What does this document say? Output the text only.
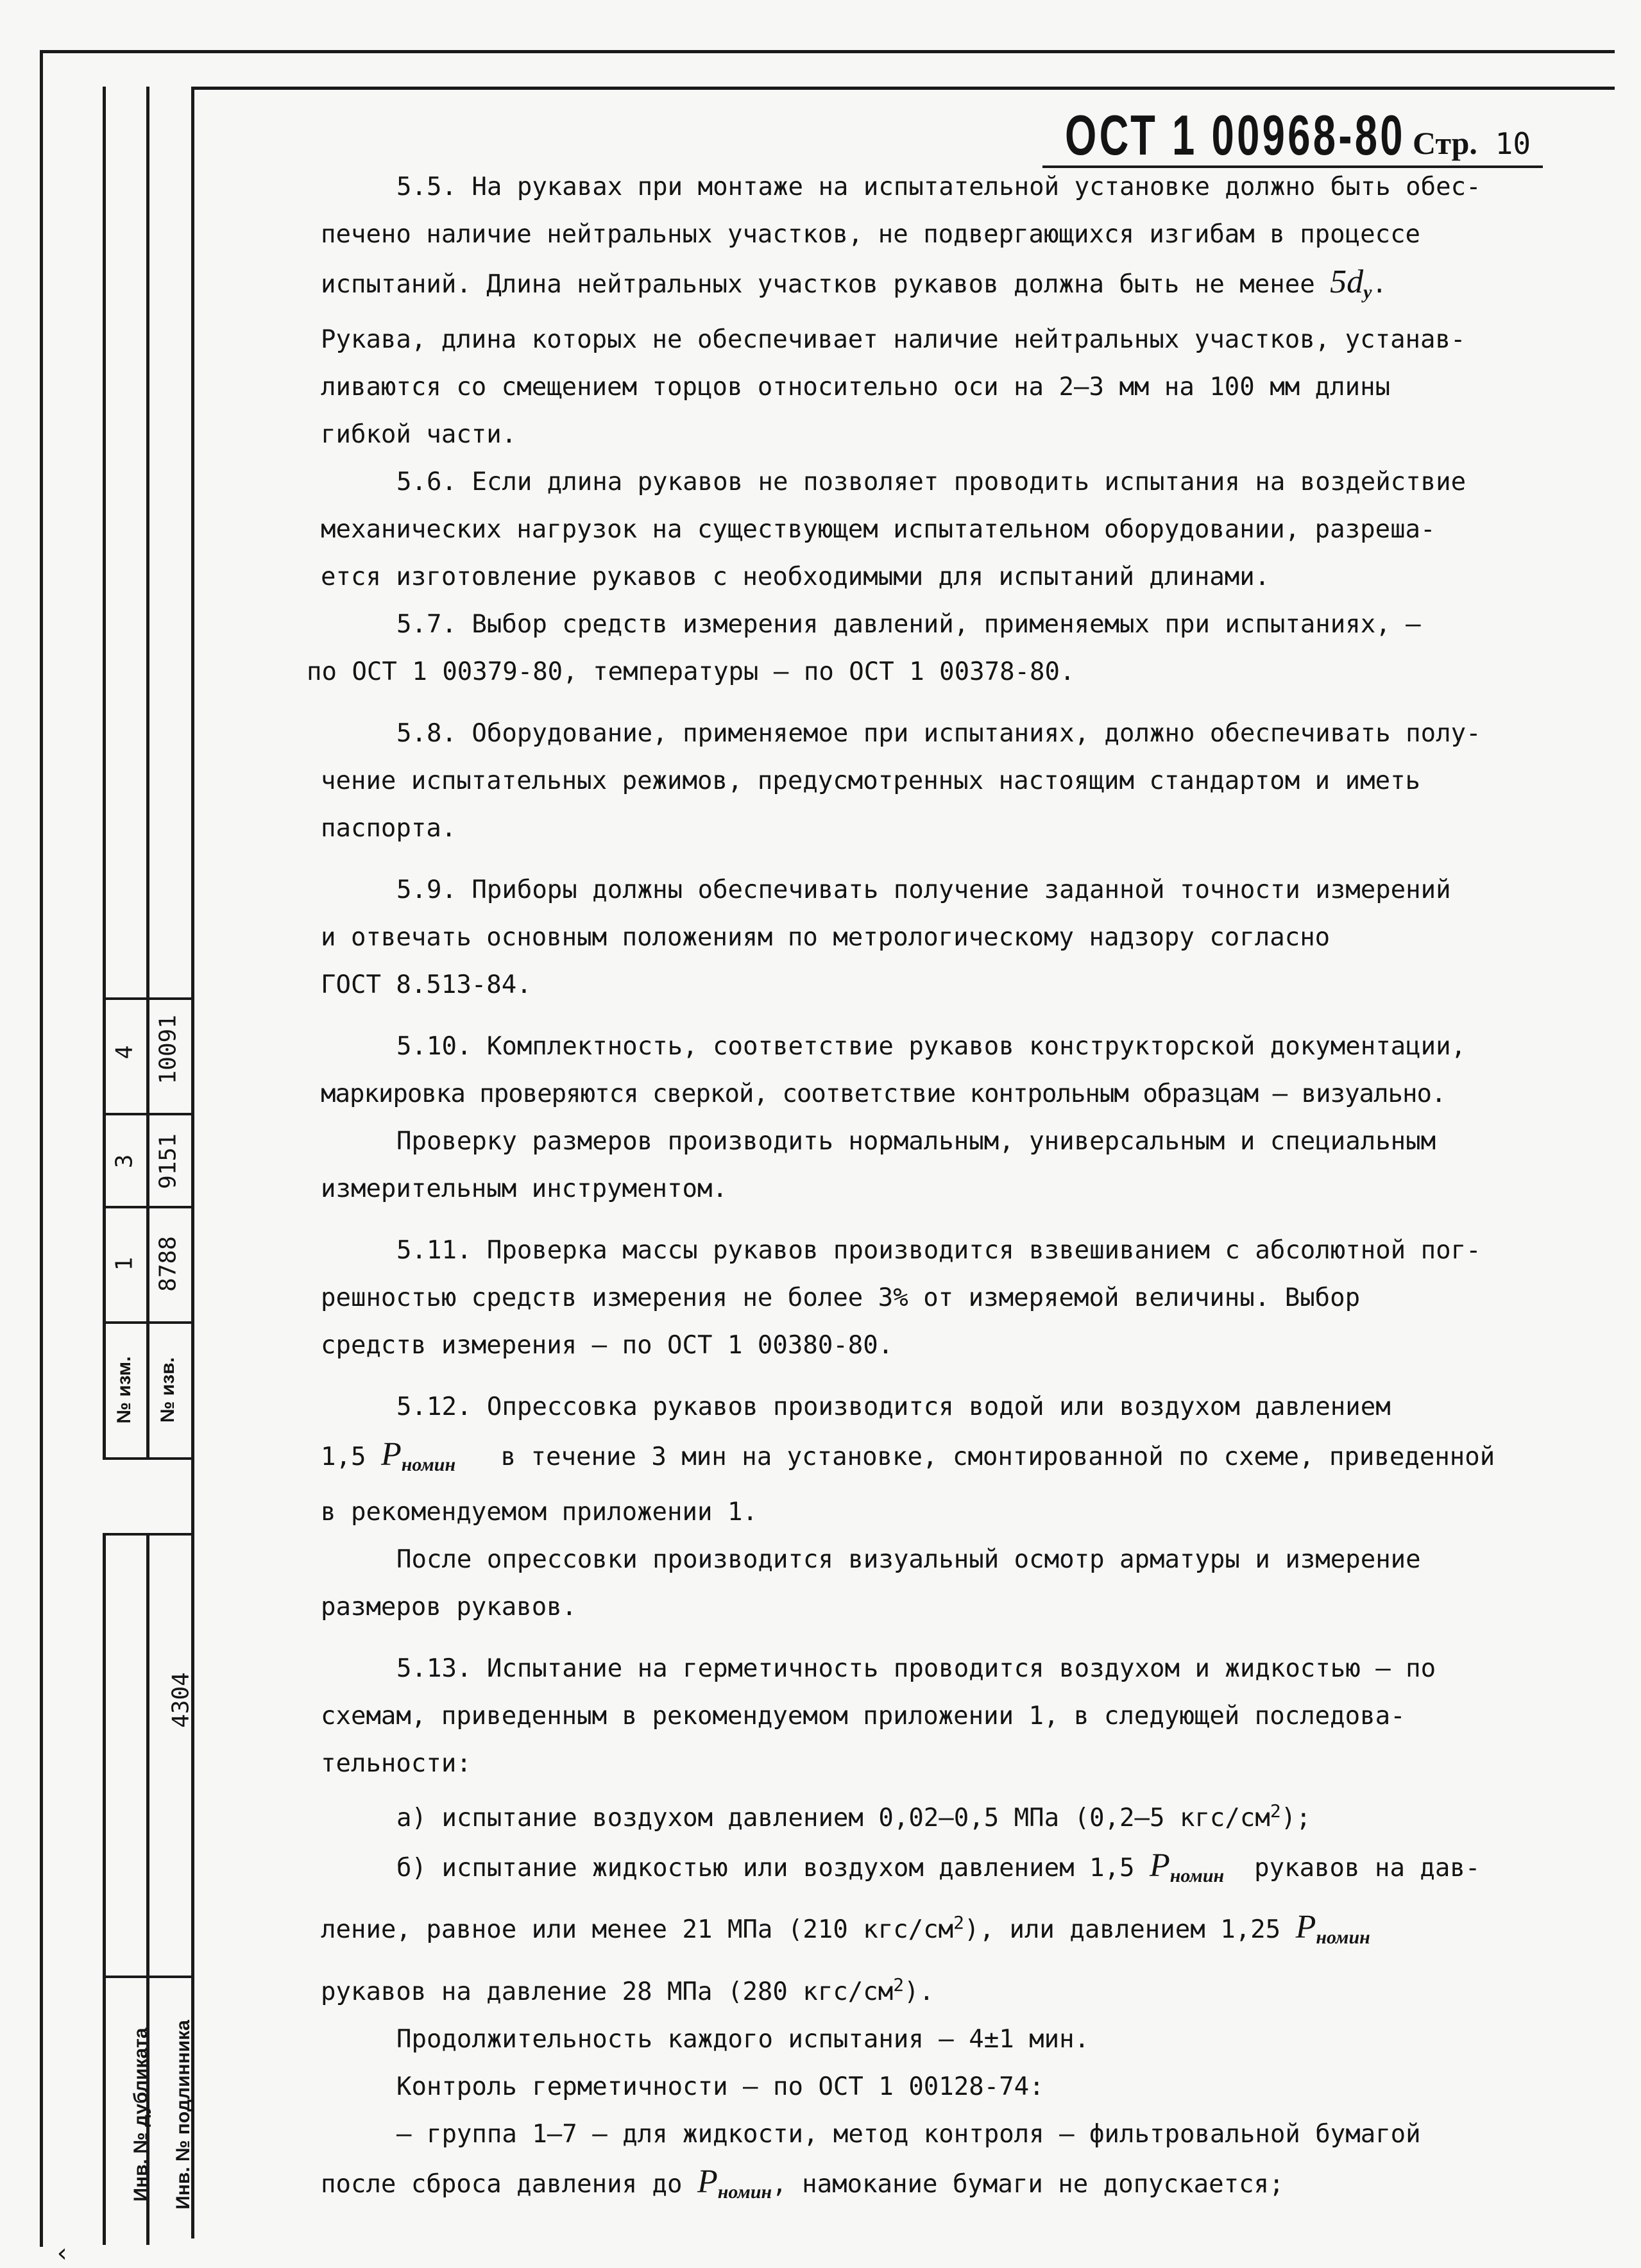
4 10091
3 9151
1 8788
№ изм. № изв.
4304
Инв. № дубликата Инв. № подлинника
‹
ОСТ 1 00968-80 Стр. 10

5.5. На рукавах при монтаже на испытательной установке должно быть обес-

печено наличие нейтральных участков, не подвергающихся изгибам в процессе

испытаний. Длина нейтральных участков рукавов должна быть не менее $5d_у$.

Рукава, длина которых не обеспечивает наличие нейтральных участков, устанав-

ливаются со смещением торцов относительно оси на 2–3 мм на 100 мм длины

гибкой части.

5.6. Если длина рукавов не позволяет проводить испытания на воздействие

механических нагрузок на существующем испытательном оборудовании, разреша-

ется изготовление рукавов с необходимыми для испытаний длинами.

5.7. Выбор средств измерения давлений, применяемых при испытаниях, –

по ОСТ 1 00379-80, температуры – по ОСТ 1 00378-80.

5.8. Оборудование, применяемое при испытаниях, должно обеспечивать полу-

чение испытательных режимов, предусмотренных настоящим стандартом и иметь

паспорта.

5.9. Приборы должны обеспечивать получение заданной точности измерений

и отвечать основным положениям по метрологическому надзору согласно

ГОСТ 8.513-84.

5.10. Комплектность, соответствие рукавов конструкторской документации,

маркировка проверяются сверкой, соответствие контрольным образцам – визуально.

Проверку размеров производить нормальным, универсальным и специальным

измерительным инструментом.

5.11. Проверка массы рукавов производится взвешиванием с абсолютной пог-

решностью средств измерения не более 3% от измеряемой величины. Выбор

средств измерения – по ОСТ 1 00380-80.

5.12. Опрессовка рукавов производится водой или воздухом давлением

1,5 $P_{номин}$ в течение 3 мин на установке, смонтированной по схеме, приведенной

в рекомендуемом приложении 1.

После опрессовки производится визуальный осмотр арматуры и измерение

размеров рукавов.

5.13. Испытание на герметичность проводится воздухом и жидкостью – по

схемам, приведенным в рекомендуемом приложении 1, в следующей последова-

тельности:

а) испытание воздухом давлением 0,02–0,5 МПа (0,2–5 кгс/$см^2$);

б) испытание жидкостью или воздухом давлением 1,5 $P_{номин}$ рукавов на дав-

ление, равное или менее 21 МПа (210 кгс/$см^2$), или давлением 1,25 $P_{номин}$

рукавов на давление 28 МПа (280 кгс/$см^2$).

Продолжительность каждого испытания – 4±1 мин.

Контроль герметичности – по ОСТ 1 00128-74:

– группа 1–7 – для жидкости, метод контроля – фильтровальной бумагой

после сброса давления до $P_{номин}$, намокание бумаги не допускается;
